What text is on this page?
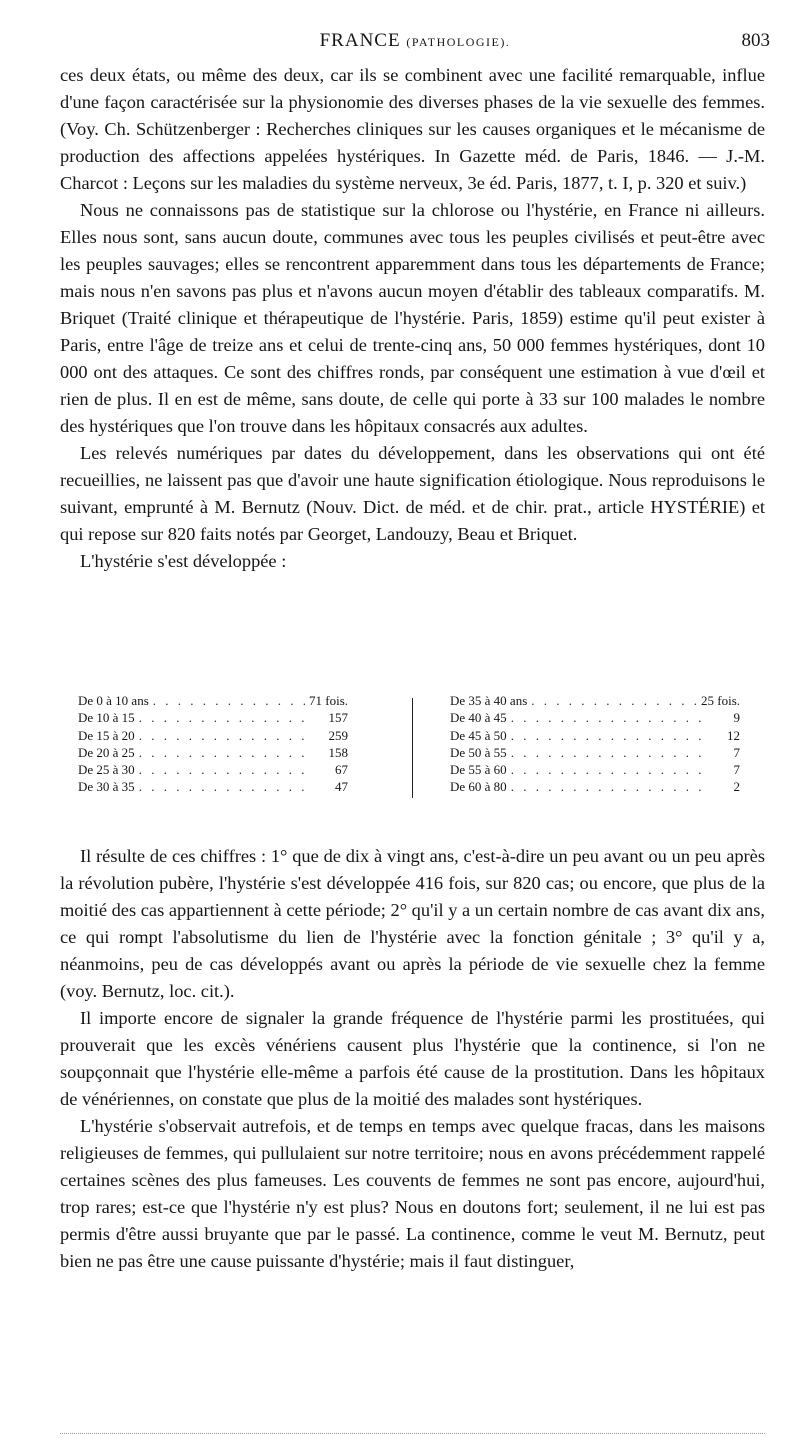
FRANCE (PATHOLOGIE).	803

ces deux états, ou même des deux, car ils se combinent avec une facilité remarquable, influe d'une façon caractérisée sur la physionomie des diverses phases de la vie sexuelle des femmes. (Voy. Ch. Schützenberger : Recherches cliniques sur les causes organiques et le mécanisme de production des affections appelées hystériques. In Gazette méd. de Paris, 1846. — J.-M. Charcot : Leçons sur les maladies du système nerveux, 3e éd. Paris, 1877, t. I, p. 320 et suiv.)

Nous ne connaissons pas de statistique sur la chlorose ou l'hystérie, en France ni ailleurs. Elles nous sont, sans aucun doute, communes avec tous les peuples civilisés et peut-être avec les peuples sauvages; elles se rencontrent apparemment dans tous les départements de France; mais nous n'en savons pas plus et n'avons aucun moyen d'établir des tableaux comparatifs. M. Briquet (Traité clinique et thérapeutique de l'hystérie. Paris, 1859) estime qu'il peut exister à Paris, entre l'âge de treize ans et celui de trente-cinq ans, 50 000 femmes hystériques, dont 10 000 ont des attaques. Ce sont des chiffres ronds, par conséquent une estimation à vue d'œil et rien de plus. Il en est de même, sans doute, de celle qui porte à 33 sur 100 malades le nombre des hystériques que l'on trouve dans les hôpitaux consacrés aux adultes.

Les relevés numériques par dates du développement, dans les observations qui ont été recueillies, ne laissent pas que d'avoir une haute signification étiologique. Nous reproduisons le suivant, emprunté à M. Bernutz (Nouv. Dict. de méd. et de chir. prat., article HYSTÉRIE) et qui repose sur 820 faits notés par Georget, Landouzy, Beau et Briquet.

L'hystérie s'est développée :

De 0 à 10 ans . . .	71 fois.
De 10 à 15 . . .	157
De 15 à 20 . . .	259
De 20 à 25 . . .	158
De 25 à 30 . . .	67
De 30 à 35 . . .	47
De 35 à 40 ans . . .	25 fois.
De 40 à 45 . . .	9
De 45 à 50 . . .	12
De 50 à 55 . . .	7
De 55 à 60 . . .	7
De 60 à 80 . . .	2

Il résulte de ces chiffres : 1° que de dix à vingt ans, c'est-à-dire un peu avant ou un peu après la révolution pubère, l'hystérie s'est développée 416 fois, sur 820 cas; ou encore, que plus de la moitié des cas appartiennent à cette période; 2° qu'il y a un certain nombre de cas avant dix ans, ce qui rompt l'absolutisme du lien de l'hystérie avec la fonction génitale ; 3° qu'il y a, néanmoins, peu de cas développés avant ou après la période de vie sexuelle chez la femme (voy. Bernutz, loc. cit.).

Il importe encore de signaler la grande fréquence de l'hystérie parmi les prostituées, qui prouverait que les excès vénériens causent plus l'hystérie que la continence, si l'on ne soupçonnait que l'hystérie elle-même a parfois été cause de la prostitution. Dans les hôpitaux de vénériennes, on constate que plus de la moitié des malades sont hystériques.

L'hystérie s'observait autrefois, et de temps en temps avec quelque fracas, dans les maisons religieuses de femmes, qui pullulaient sur notre territoire; nous en avons précédemment rappelé certaines scènes des plus fameuses. Les couvents de femmes ne sont pas encore, aujourd'hui, trop rares; est-ce que l'hystérie n'y est plus? Nous en doutons fort; seulement, il ne lui est pas permis d'être aussi bruyante que par le passé. La continence, comme le veut M. Bernutz, peut bien ne pas être une cause puissante d'hystérie; mais il faut distinguer,
